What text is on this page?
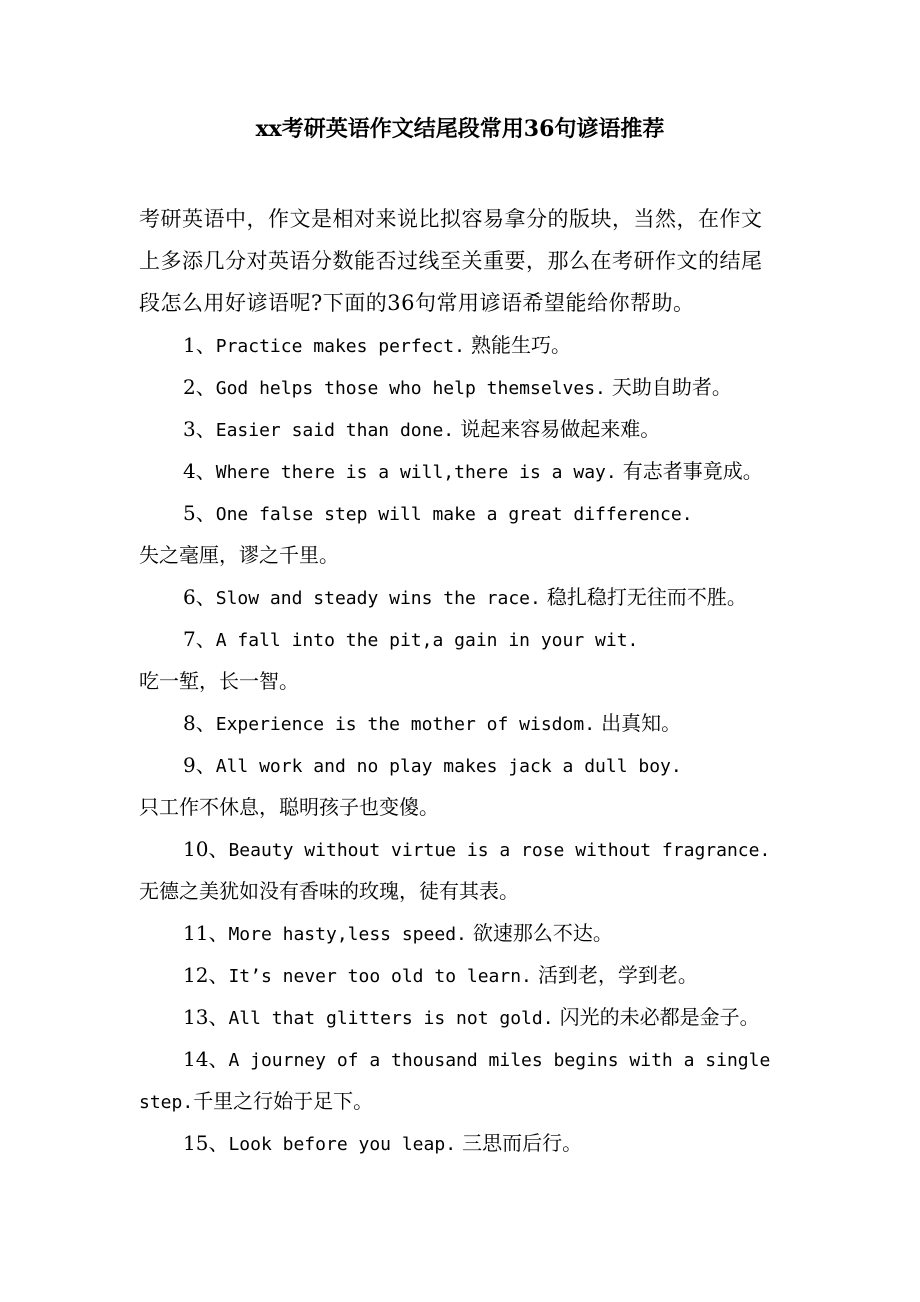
xx考研英语作文结尾段常用36句谚语推荐

考研英语中，作文是相对来说比拟容易拿分的版块，当然，在作文
上多添几分对英语分数能否过线至关重要，那么在考研作文的结尾
段怎么用好谚语呢?下面的36句常用谚语希望能给你帮助。

1、Practice makes perfect. 熟能生巧。
2、God helps those who help themselves. 天助自助者。
3、Easier said than done. 说起来容易做起来难。
4、Where there is a will,there is a way. 有志者事竟成。
5、One false step will make a great difference.
失之毫厘，谬之千里。
6、Slow and steady wins the race. 稳扎稳打无往而不胜。
7、A fall into the pit,a gain in your wit.
吃一堑，长一智。
8、Experience is the mother of wisdom. 出真知。
9、All work and no play makes jack a dull boy.
只工作不休息，聪明孩子也变傻。
10、Beauty without virtue is a rose without fragrance.
无德之美犹如没有香味的玫瑰，徒有其表。
11、More hasty,less speed. 欲速那么不达。
12、It’s never too old to learn. 活到老，学到老。
13、All that glitters is not gold. 闪光的未必都是金子。
14、A journey of a thousand miles begins with a single
step.千里之行始于足下。
15、Look before you leap. 三思而后行。
